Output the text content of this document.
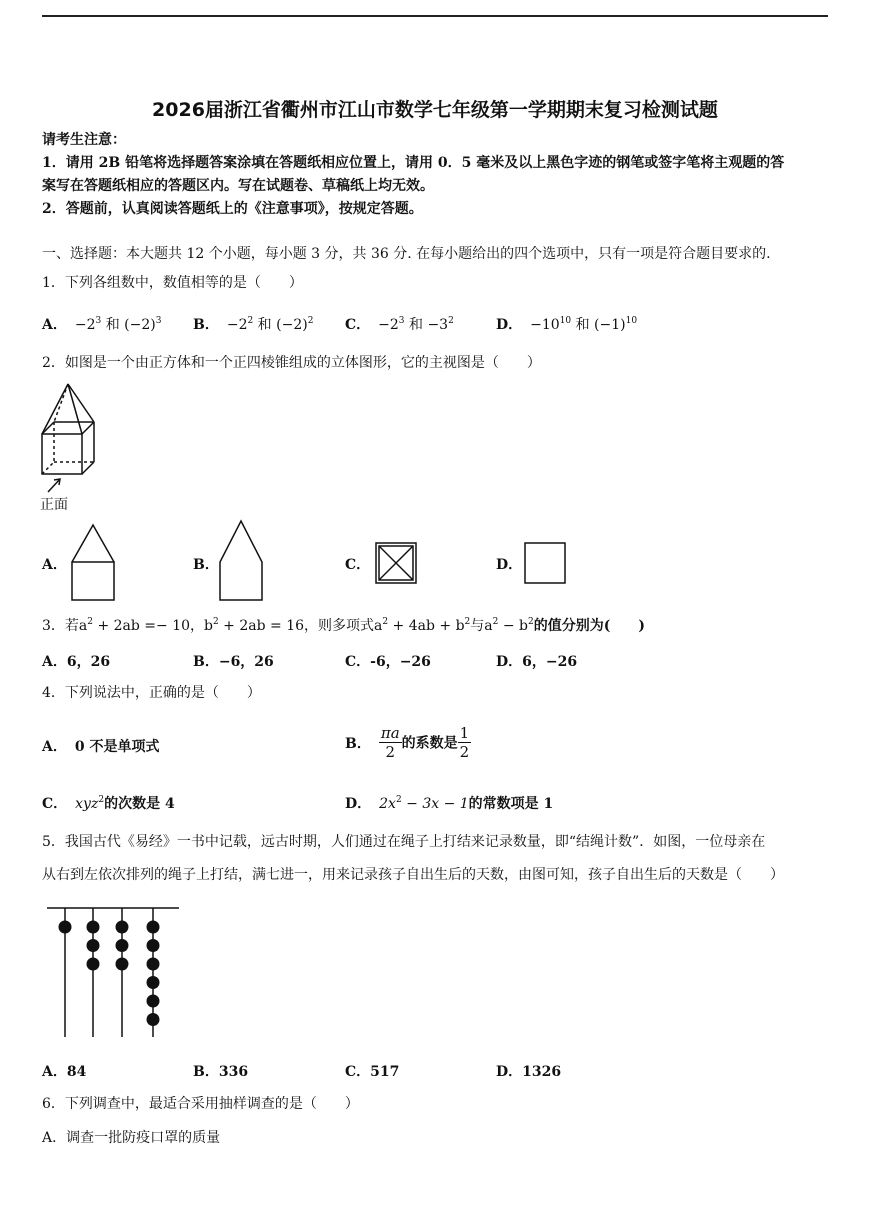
2026届浙江省衢州市江山市数学七年级第一学期期末复习检测试题
请考生注意：
1．请用 2B 铅笔将选择题答案涂填在答题纸相应位置上，请用 0．5 毫米及以上黑色字迹的钢笔或签字笔将主观题的答
案写在答题纸相应的答题区内。写在试题卷、草稿纸上均无效。
2．答题前，认真阅读答题纸上的《注意事项》，按规定答题。
一、选择题：本大题共 12 个小题，每小题 3 分，共 36 分. 在每小题给出的四个选项中，只有一项是符合题目要求的.
1．下列各组数中，数值相等的是（　　）
A． $-2^3$ 和 $(-2)^3$ B． $-2^2$ 和 $(-2)^2$ C． $-2^3$ 和 $-3^2$	D． $-10^{10}$ 和 $(-1)^{10}$
2．如图是一个由正方体和一个正四棱锥组成的立体图形，它的主视图是（　　）
正面
A．	B．	C．	D．
3．若$a^2 + 2ab =- 10$，$b^2 + 2ab = 16$，则多项式$a^2 + 4ab + b^2$与$a^2 - b^2$的值分别为(　　)
A．6，26	B．−6，26	C．-6，−26	D．6，−26
4．下列说法中，正确的是（　　）
A． 0 不是单项式	B． $\frac{\pi a}{2}$ 的系数是 $\frac{1}{2}$
C． xyz$^2$的次数是 4	D． $2x^2 - 3x - 1$的常数项是 1
5．我国古代《易经》一书中记载，远古时期，人们通过在绳子上打结来记录数量，即“结绳计数”．如图，一位母亲在
从右到左依次排列的绳子上打结，满七进一，用来记录孩子自出生后的天数，由图可知，孩子自出生后的天数是（　　）
A．84	B．336	C．517	D．1326
6．下列调查中，最适合采用抽样调查的是（　　）
A．调查一批防疫口罩的质量
